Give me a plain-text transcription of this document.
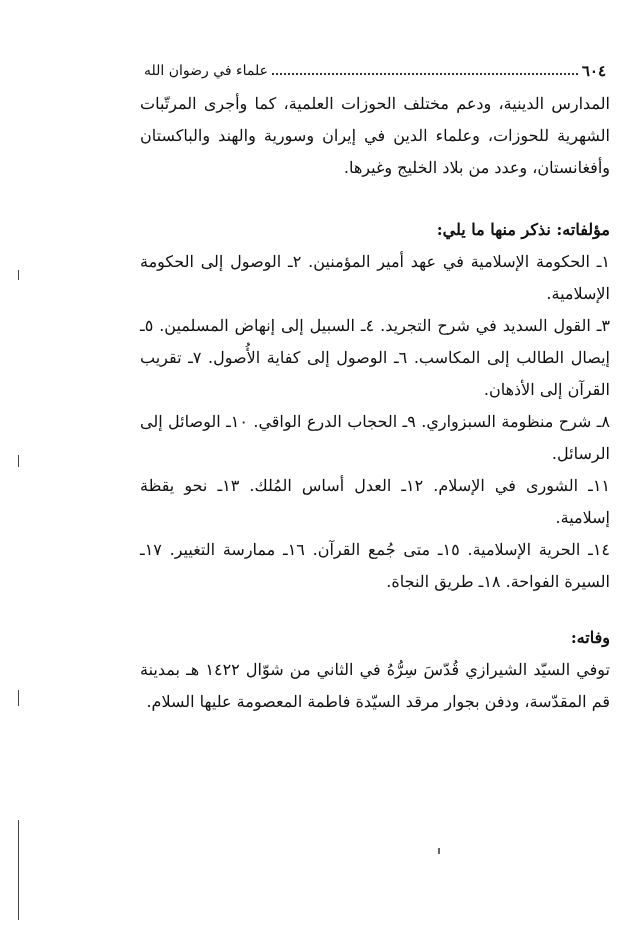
علماء في رضوان الله	٦٠٤

المدارس الدينية، ودعم مختلف الحوزات العلمية، كما وأجرى المرتّبات الشهرية للحوزات، وعلماء الدين في إيران وسورية والهند والباكستان وأفغانستان، وعدد من بلاد الخليج وغيرها.

مؤلفاته: نذكر منها ما يلي:

١ـ الحكومة الإسلامية في عهد أمير المؤمنين. ٢ـ الوصول إلى الحكومة الإسلامية.

٣ـ القول السديد في شرح التجريد. ٤ـ السبيل إلى إنهاض المسلمين. ٥ـ إيصال الطالب إلى المكاسب. ٦ـ الوصول إلى كفاية الأُصول. ٧ـ تقريب القرآن إلى الأذهان.

٨ـ شرح منظومة السبزواري. ٩ـ الحجاب الدرع الواقي. ١٠ـ الوصائل إلى الرسائل.

١١ـ الشورى في الإسلام. ١٢ـ العدل أساس المُلك. ١٣ـ نحو يقظة إسلامية.

١٤ـ الحرية الإسلامية. ١٥ـ متى جُمع القرآن. ١٦ـ ممارسة التغيير. ١٧ـ السيرة الفواحة. ١٨ـ طريق النجاة.

وفاته:

توفي السيّد الشيرازي قُدّسَ سِرُّهُ في الثاني من شوّال ١٤٢٢ هـ بمدينة قم المقدّسة، ودفن بجوار مرقد السيّدة فاطمة المعصومة عليها السلام.
